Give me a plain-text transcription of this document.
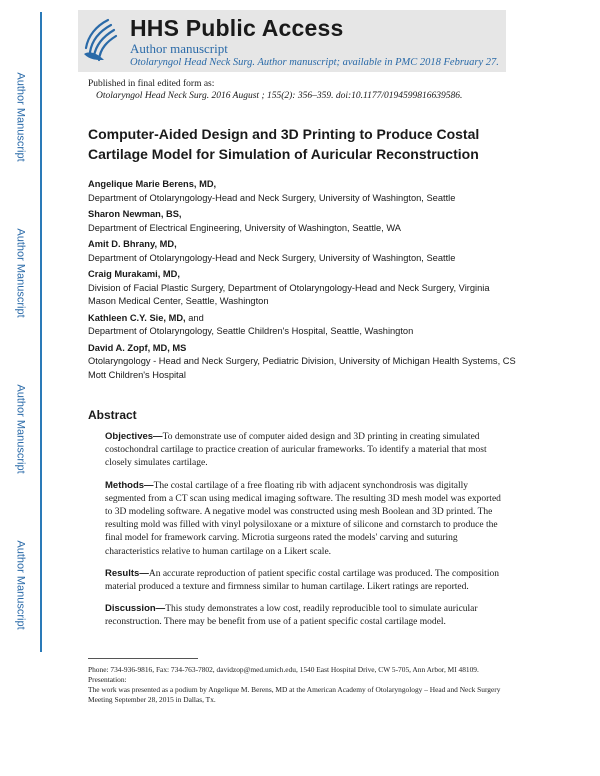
Author Manuscript
Author Manuscript
Author Manuscript
Author Manuscript
HHS Public Access
Author manuscript
Otolaryngol Head Neck Surg. Author manuscript; available in PMC 2018 February 27.
Published in final edited form as:
Otolaryngol Head Neck Surg. 2016 August ; 155(2): 356–359. doi:10.1177/0194599816639586.
Computer-Aided Design and 3D Printing to Produce Costal Cartilage Model for Simulation of Auricular Reconstruction
Angelique Marie Berens, MD,
Department of Otolaryngology-Head and Neck Surgery, University of Washington, Seattle
Sharon Newman, BS,
Department of Electrical Engineering, University of Washington, Seattle, WA
Amit D. Bhrany, MD,
Department of Otolaryngology-Head and Neck Surgery, University of Washington, Seattle
Craig Murakami, MD,
Division of Facial Plastic Surgery, Department of Otolaryngology-Head and Neck Surgery, Virginia Mason Medical Center, Seattle, Washington
Kathleen C.Y. Sie, MD, and
Department of Otolaryngology, Seattle Children's Hospital, Seattle, Washington
David A. Zopf, MD, MS
Otolaryngology - Head and Neck Surgery, Pediatric Division, University of Michigan Health Systems, CS Mott Children's Hospital
Abstract

Objectives—To demonstrate use of computer aided design and 3D printing in creating simulated costochondral cartilage to practice creation of auricular frameworks. To identify a material that most closely simulates cartilage.

Methods—The costal cartilage of a free floating rib with adjacent synchondrosis was digitally segmented from a CT scan using medical imaging software. The resulting 3D mesh model was exported to 3D modeling software. A negative model was constructed using mesh Boolean and 3D printed. The resulting mold was filled with vinyl polysiloxane or a mixture of silicone and cornstarch to produce the final model for framework carving. Microtia surgeons rated the models' carving and suturing characteristics relative to human cartilage on a Likert scale.

Results—An accurate reproduction of patient specific costal cartilage was produced. The composition material produced a texture and firmness similar to human cartilage. Likert ratings are reported.

Discussion—This study demonstrates a low cost, readily reproducible tool to simulate auricular reconstruction. There may be benefit from use of a patient specific costal cartilage model.

Phone: 734-936-9816, Fax: 734-763-7802, davidzop@med.umich.edu, 1540 East Hospital Drive, CW 5-705, Ann Arbor, MI 48109.
Presentation:
The work was presented as a podium by Angelique M. Berens, MD at the American Academy of Otolaryngology – Head and Neck Surgery Meeting September 28, 2015 in Dallas, Tx.
